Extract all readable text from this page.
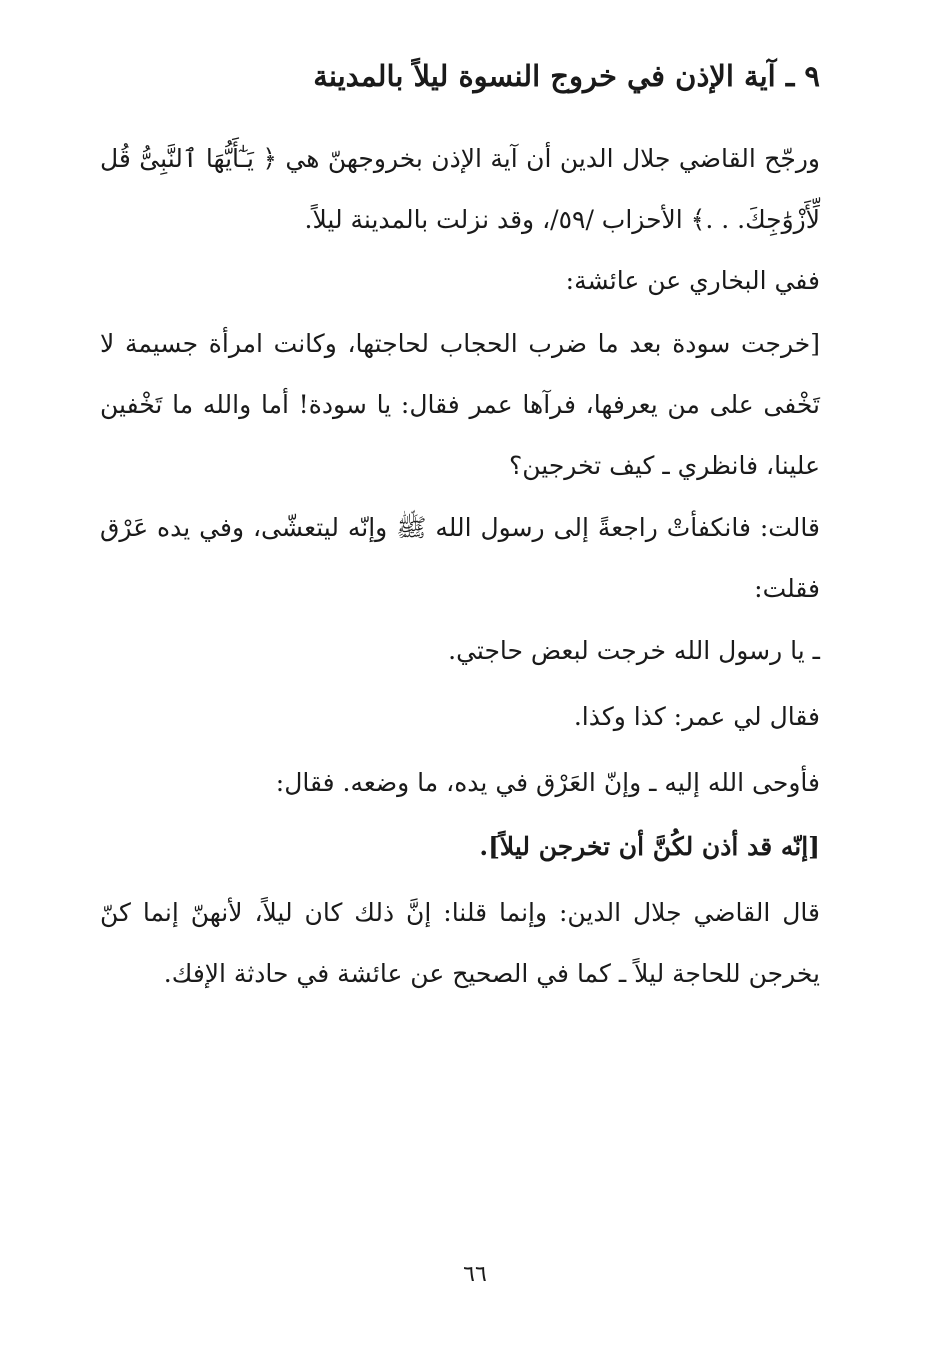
٩ ـ آية الإذن في خروج النسوة ليلاً بالمدينة

ورجّح القاضي جلال الدين أن آية الإذن بخروجهنّ هي ﴿ يَـٰٓأَيُّهَا ٱلنَّبِىُّ قُل لِّأَزْوَٰجِكَ. . .﴾ الأحزاب /٥٩/، وقد نزلت بالمدينة ليلاً.

ففي البخاري عن عائشة:

[خرجت سودة بعد ما ضرب الحجاب لحاجتها، وكانت امرأة جسيمة لا تَخْفى على من يعرفها، فرآها عمر فقال: يا سودة! أما والله ما تَخْفين علينا، فانظري ـ كيف تخرجين؟

قالت: فانكفأتْ راجعةً إلى رسول الله ﷺ وإنّه ليتعشّى، وفي يده عَرْق فقلت:

ـ يا رسول الله خرجت لبعض حاجتي.

فقال لي عمر: كذا وكذا.

فأوحى الله إليه ـ وإنّ العَرْق في يده، ما وضعه. فقال:

[إنّه قد أذن لكُنَّ أن تخرجن ليلاً].

قال القاضي جلال الدين: وإنما قلنا: إنَّ ذلك كان ليلاً، لأنهنّ إنما كنّ يخرجن للحاجة ليلاً ـ كما في الصحيح عن عائشة في حادثة الإفك.

٦٦
